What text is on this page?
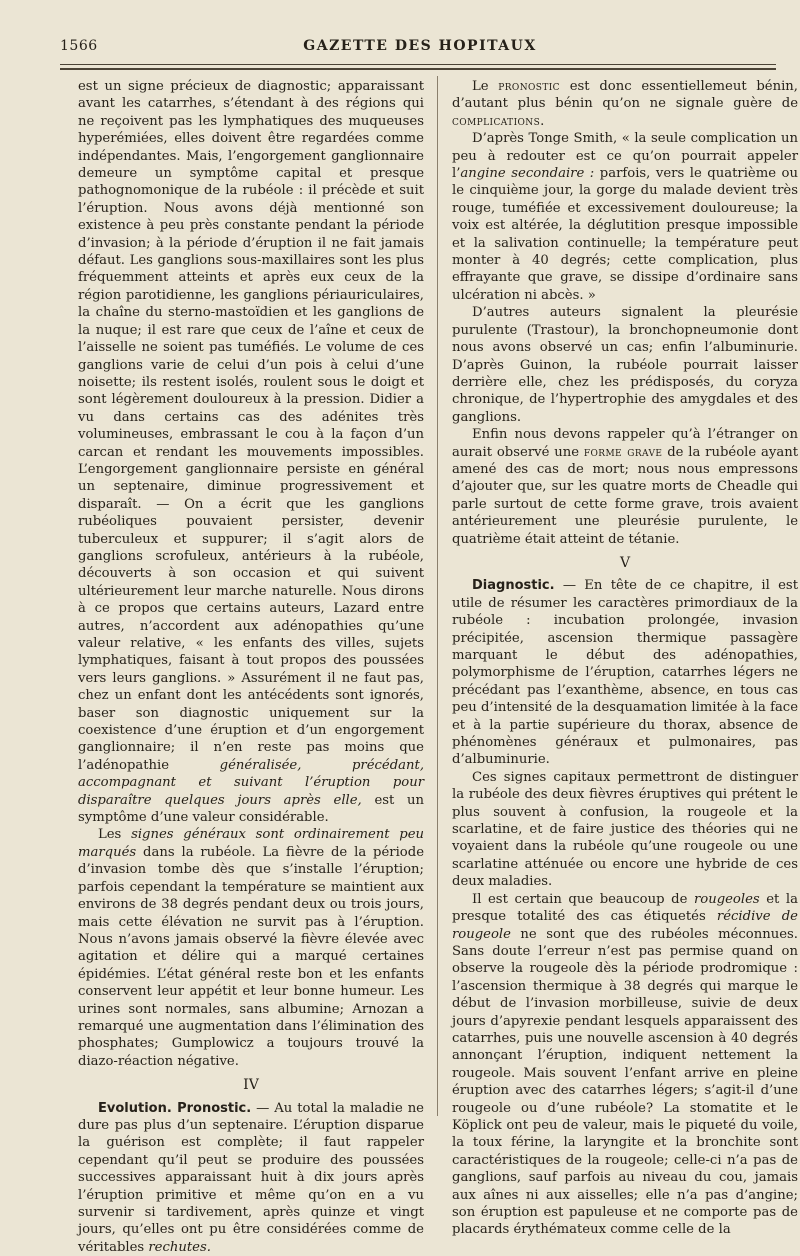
1566	GAZETTE DES HOPITAUX

est un signe précieux de diagnostic; apparaissant avant les catarrhes, s’étendant à des régions qui ne reçoivent pas les lymphatiques des muqueuses hyperémiées, elles doivent être regardées comme indépendantes. Mais, l’engorgement ganglionnaire demeure un symptôme capital et presque pathognomonique de la rubéole : il précède et suit l’éruption. Nous avons déjà mentionné son existence à peu près constante pendant la période d’invasion; à la période d’éruption il ne fait jamais défaut. Les ganglions sous-maxillaires sont les plus fréquemment atteints et après eux ceux de la région parotidienne, les ganglions périauriculaires, la chaîne du sterno-mastoïdien et les ganglions de la nuque; il est rare que ceux de l’aîne et ceux de l’aisselle ne soient pas tuméfiés. Le volume de ces ganglions varie de celui d’un pois à celui d’une noisette; ils restent isolés, roulent sous le doigt et sont légèrement douloureux à la pression. Didier a vu dans certains cas des adénites très volumineuses, embrassant le cou à la façon d’un carcan et rendant les mouvements impossibles. L’engorgement ganglionnaire persiste en général un septenaire, diminue progressivement et disparaît. — On a écrit que les ganglions rubéoliques pouvaient persister, devenir tuberculeux et suppurer; il s’agit alors de ganglions scrofuleux, antérieurs à la rubéole, découverts à son occasion et qui suivent ultérieurement leur marche naturelle. Nous dirons à ce propos que certains auteurs, Lazard entre autres, n’accordent aux adénopathies qu’une valeur relative, « les enfants des villes, sujets lymphatiques, faisant à tout propos des poussées vers leurs ganglions. » Assurément il ne faut pas, chez un enfant dont les antécédents sont ignorés, baser son diagnostic uniquement sur la coexistence d’une éruption et d’un engorgement ganglionnaire; il n’en reste pas moins que l’adénopathie généralisée, précédant, accompagnant et suivant l’éruption pour disparaître quelques jours après elle, est un symptôme d’une valeur considérable.

Les signes généraux sont ordinairement peu marqués dans la rubéole. La fièvre de la période d’invasion tombe dès que s’installe l’éruption; parfois cependant la température se maintient aux environs de 38 degrés pendant deux ou trois jours, mais cette élévation ne survit pas à l’éruption. Nous n’avons jamais observé la fièvre élevée avec agitation et délire qui a marqué certaines épidémies. L’état général reste bon et les enfants conservent leur appétit et leur bonne humeur. Les urines sont normales, sans albumine; Arnozan a remarqué une augmentation dans l’élimination des phosphates; Gumplowicz a toujours trouvé la diazo-réaction négative.

IV

Evolution. Pronostic. — Au total la maladie ne dure pas plus d’un septenaire. L’éruption disparue la guérison est complète; il faut rappeler cependant qu’il peut se produire des poussées successives apparaissant huit à dix jours après l’éruption primitive et même qu’on en a vu survenir si tardivement, après quinze et vingt jours, qu’elles ont pu être considérées comme de véritables rechutes.

Le pronostic est donc essentiellemeut bénin, d’autant plus bénin qu’on ne signale guère de complications.

D’après Tonge Smith, « la seule complication un peu à redouter est ce qu’on pourrait appeler l’angine secondaire : parfois, vers le quatrième ou le cinquième jour, la gorge du malade devient très rouge, tuméfiée et excessivement douloureuse; la voix est altérée, la déglutition presque impossible et la salivation continuelle; la température peut monter à 40 degrés; cette complication, plus effrayante que grave, se dissipe d’ordinaire sans ulcération ni abcès. »

D’autres auteurs signalent la pleurésie purulente (Trastour), la bronchopneumonie dont nous avons observé un cas; enfin l’albuminurie. D’après Guinon, la rubéole pourrait laisser derrière elle, chez les prédisposés, du coryza chronique, de l’hypertrophie des amygdales et des ganglions.

Enfin nous devons rappeler qu’à l’étranger on aurait observé une forme grave de la rubéole ayant amené des cas de mort; nous nous empressons d’ajouter que, sur les quatre morts de Cheadle qui parle surtout de cette forme grave, trois avaient antérieurement une pleurésie purulente, le quatrième était atteint de tétanie.

V

Diagnostic. — En tête de ce chapitre, il est utile de résumer les caractères primordiaux de la rubéole : incubation prolongée, invasion précipitée, ascension thermique passagère marquant le début des adénopathies, polymorphisme de l’éruption, catarrhes légers ne précédant pas l’exanthème, absence, en tous cas peu d’intensité de la desquamation limitée à la face et à la partie supérieure du thorax, absence de phénomènes généraux et pulmonaires, pas d’albuminurie.

Ces signes capitaux permettront de distinguer la rubéole des deux fièvres éruptives qui prétent le plus souvent à confusion, la rougeole et la scarlatine, et de faire justice des théories qui ne voyaient dans la rubéole qu’une rougeole ou une scarlatine atténuée ou encore une hybride de ces deux maladies.

Il est certain que beaucoup de rougeoles et la presque totalité des cas étiquetés récidive de rougeole ne sont que des rubéoles méconnues. Sans doute l’erreur n’est pas permise quand on observe la rougeole dès la période prodromique : l’ascension thermique à 38 degrés qui marque le début de l’invasion morbilleuse, suivie de deux jours d’apyrexie pendant lesquels apparaissent des catarrhes, puis une nouvelle ascension à 40 degrés annonçant l’éruption, indiquent nettement la rougeole. Mais souvent l’enfant arrive en pleine éruption avec des catarrhes légers; s’agit-il d’une rougeole ou d’une rubéole? La stomatite et le Köplick ont peu de valeur, mais le piqueté du voile, la toux férine, la laryngite et la bronchite sont caractéristiques de la rougeole; celle-ci n’a pas de ganglions, sauf parfois au niveau du cou, jamais aux aînes ni aux aisselles; elle n’a pas d’angine; son éruption est papuleuse et ne comporte pas de placards érythémateux comme celle de la
